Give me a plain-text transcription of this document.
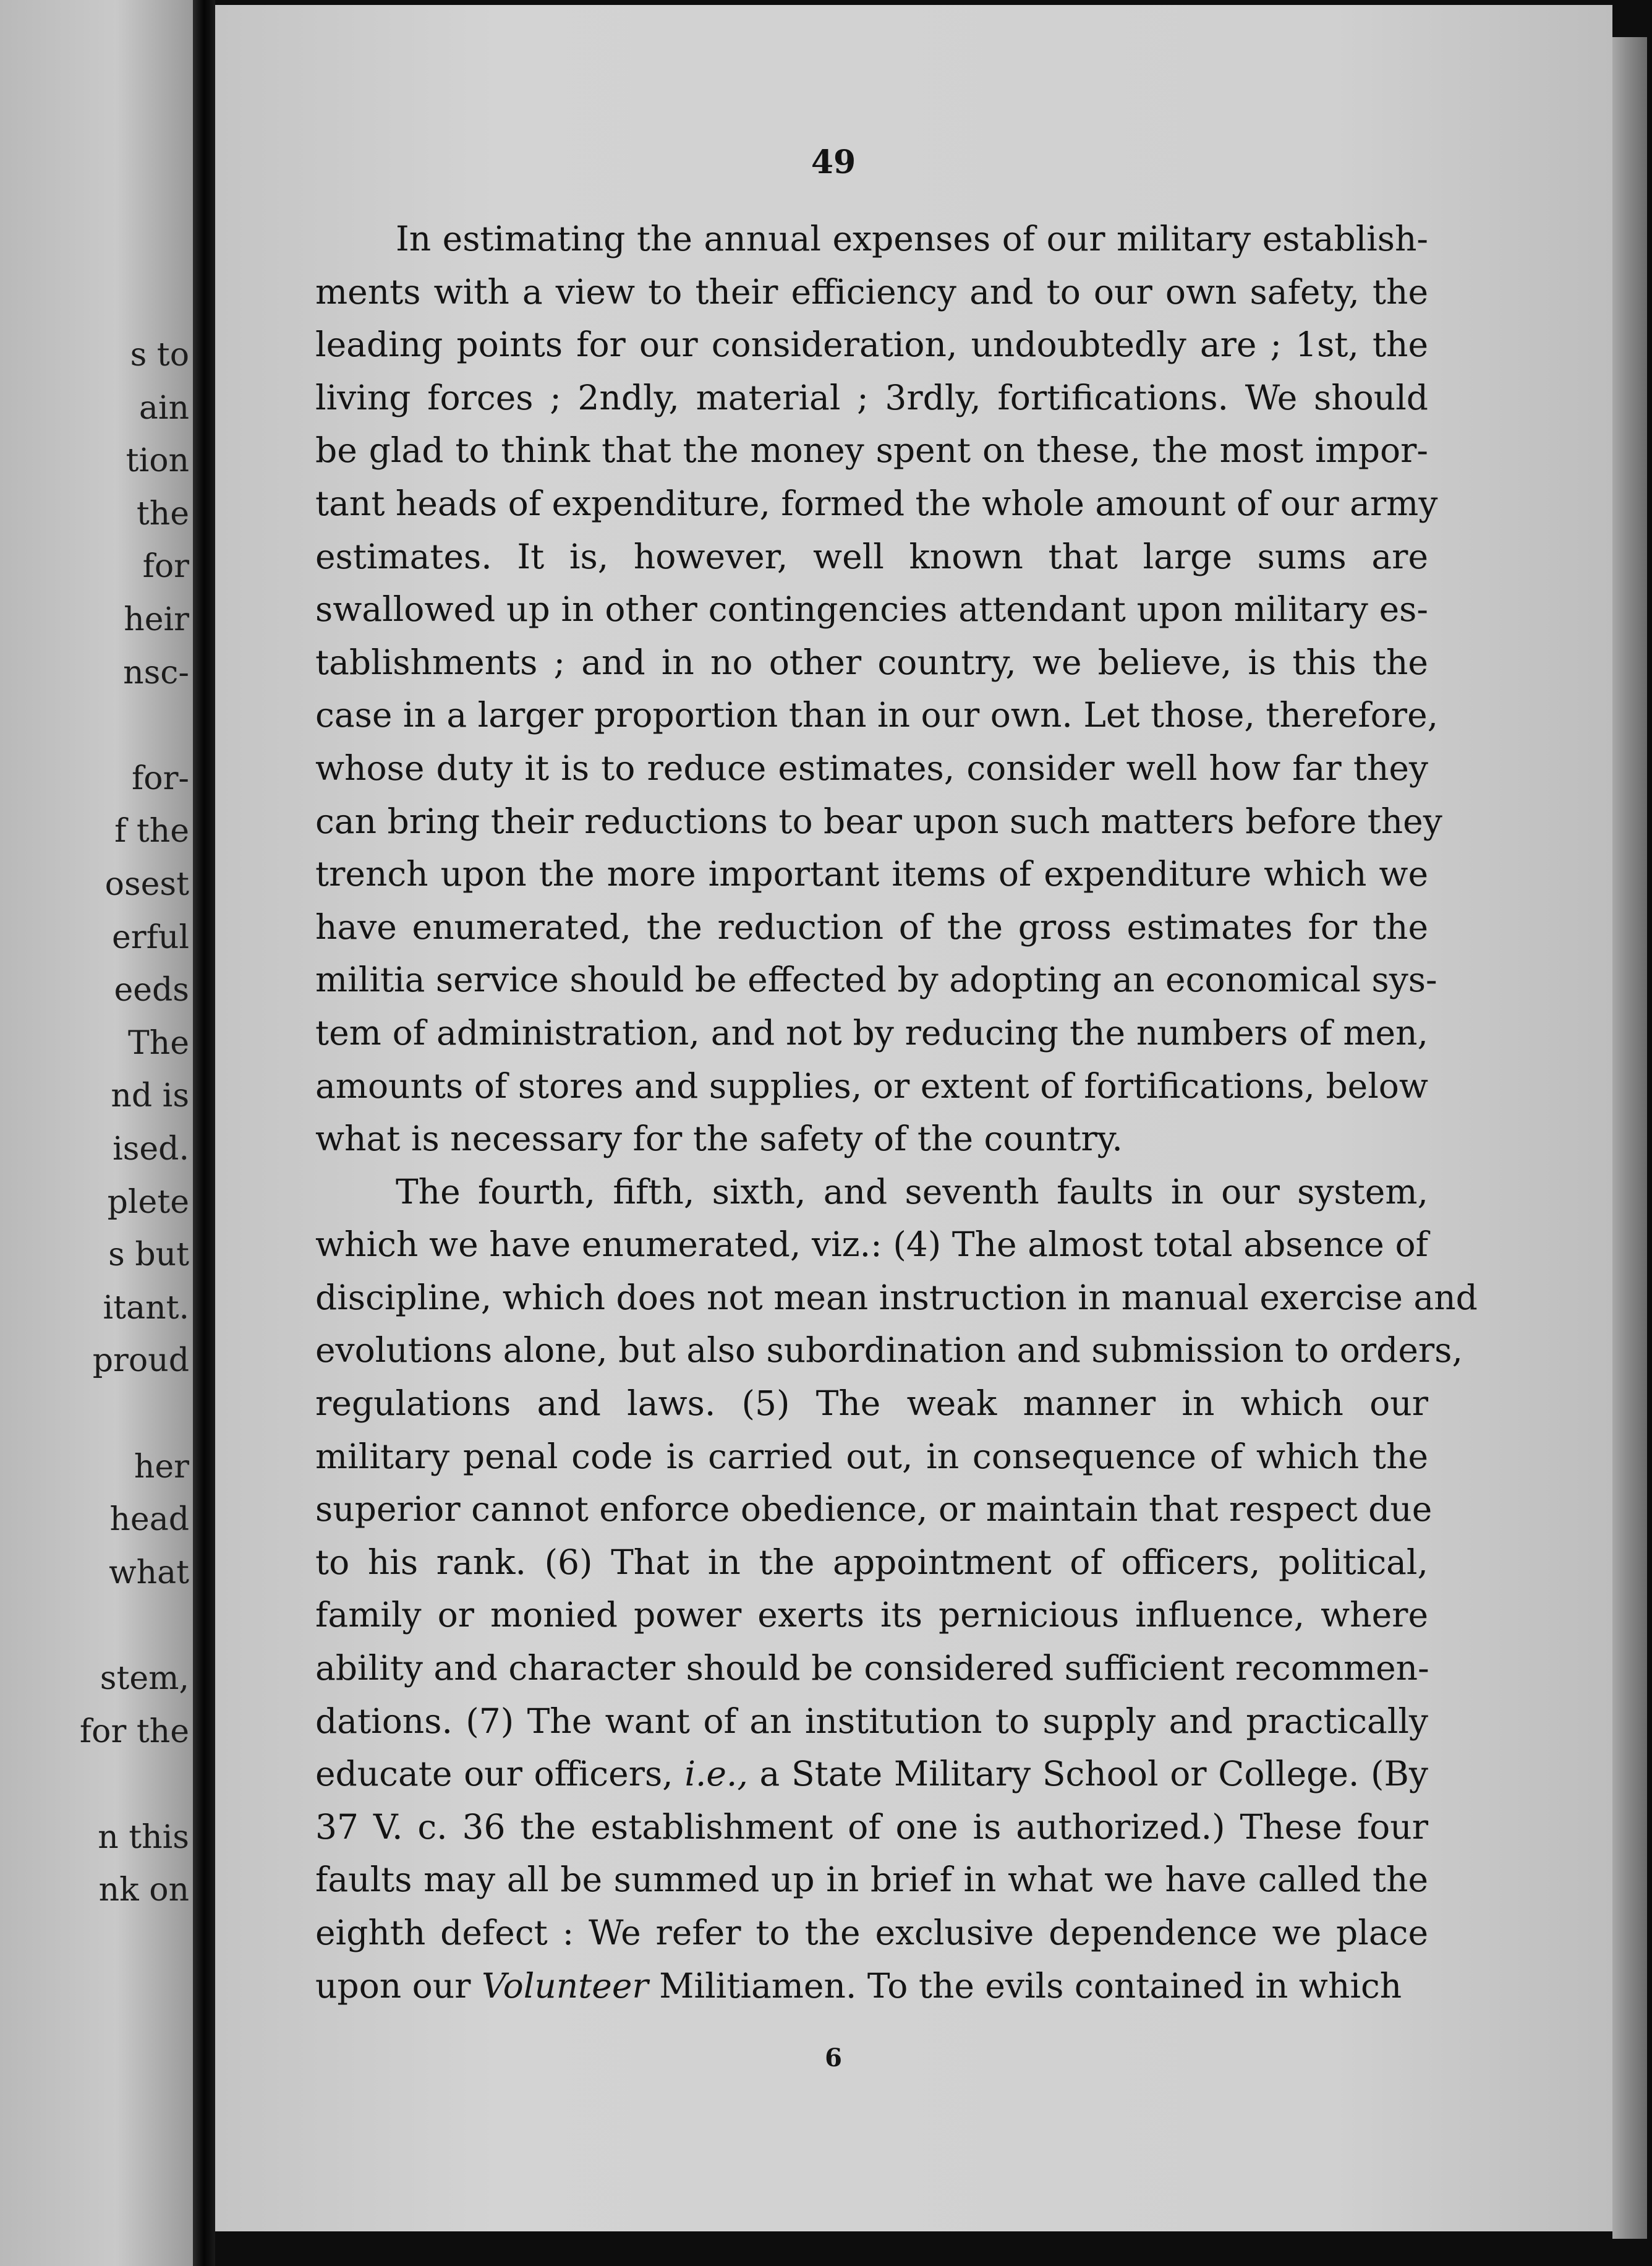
s to
ain
tion
the
for
heir
nsc-
for-
f the
osest
erful
eeds
The
nd is
ised.
plete
s but
itant.
proud
her
head
what
stem,
for the
n this
nk on
49
In estimating the annual expenses of our military establish-
ments with a view to their efficiency and to our own safety, the
leading points for our consideration, undoubtedly are ; 1st, the
living forces ; 2ndly, material ; 3rdly, fortifications. We should
be glad to think that the money spent on these, the most impor-
tant heads of expenditure, formed the whole amount of our army
estimates. It is, however, well known that large sums are
swallowed up in other contingencies attendant upon military es-
tablishments ; and in no other country, we believe, is this the
case in a larger proportion than in our own. Let those, therefore,
whose duty it is to reduce estimates, consider well how far they
can bring their reductions to bear upon such matters before they
trench upon the more important items of expenditure which we
have enumerated, the reduction of the gross estimates for the
militia service should be effected by adopting an economical sys-
tem of administration, and not by reducing the numbers of men,
amounts of stores and supplies, or extent of fortifications, below
what is necessary for the safety of the country.
The fourth, fifth, sixth, and seventh faults in our system,
which we have enumerated, viz.: (4) The almost total absence of
discipline, which does not mean instruction in manual exercise and
evolutions alone, but also subordination and submission to orders,
regulations and laws. (5) The weak manner in which our
military penal code is carried out, in consequence of which the
superior cannot enforce obedience, or maintain that respect due
to his rank. (6) That in the appointment of officers, political,
family or monied power exerts its pernicious influence, where
ability and character should be considered sufficient recommen-
dations. (7) The want of an institution to supply and practically
educate our officers, i.e., a State Military School or College. (By
37 V. c. 36 the establishment of one is authorized.) These four
faults may all be summed up in brief in what we have called the
eighth defect : We refer to the exclusive dependence we place
upon our Volunteer Militiamen. To the evils contained in which
6
